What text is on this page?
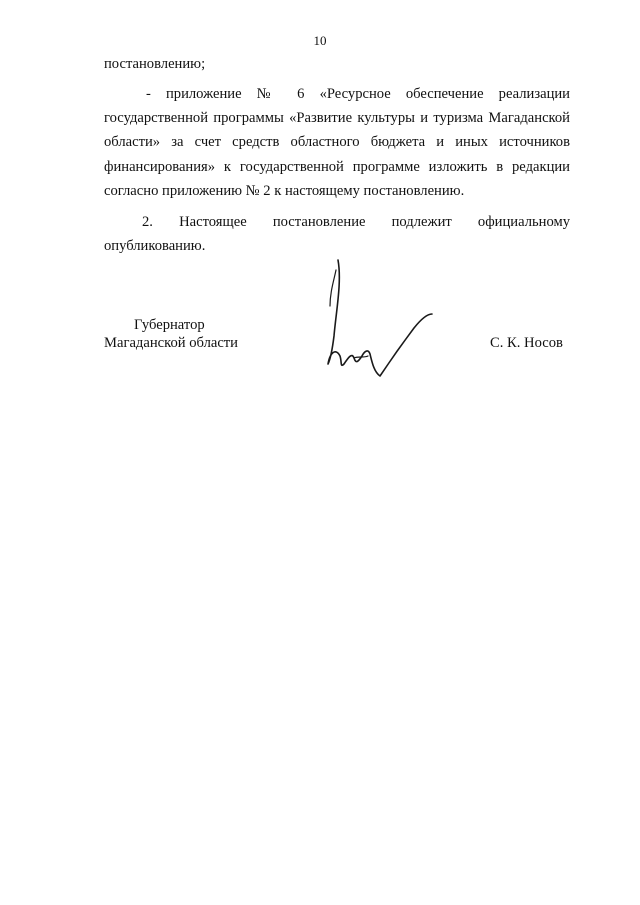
10
постановлению;
- приложение № 6 «Ресурсное обеспечение реализации
государственной программы «Развитие культуры и туризма Магаданской
области» за счет средств областного бюджета и иных источников
финансирования» к государственной программе изложить в редакции
согласно приложению № 2 к настоящему постановлению.
2. Настоящее постановление подлежит официальному
опубликованию.
Губернатор
Магаданской области	С. К. Носов
